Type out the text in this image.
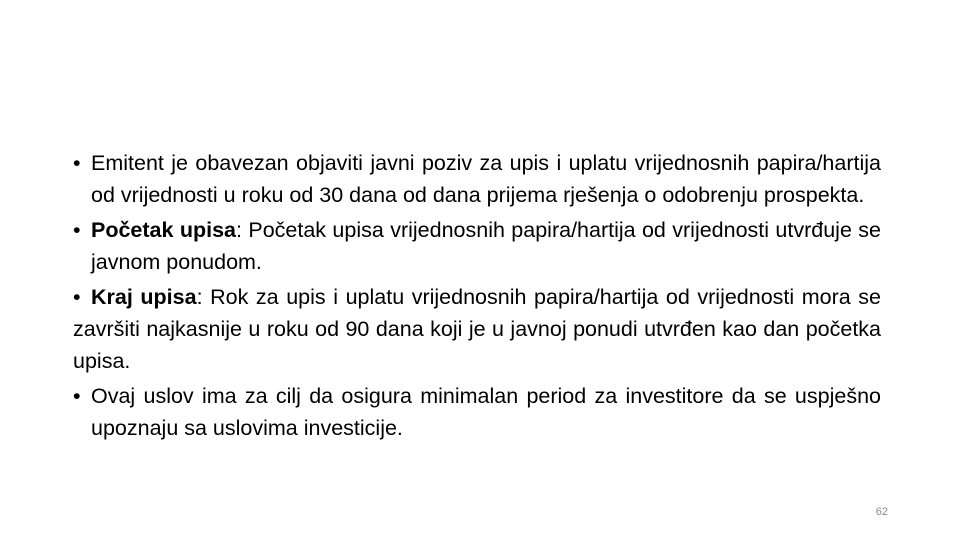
• Emitent je obavezan objaviti javni poziv za upis i uplatu vrijednosnih papira/hartija od vrijednosti u roku od 30 dana od dana prijema rješenja o odobrenju prospekta.

• Početak upisa: Početak upisa vrijednosnih papira/hartija od vrijednosti utvrđuje se javnom ponudom.

• Kraj upisa: Rok za upis i uplatu vrijednosnih papira/hartija od vrijednosti mora se završiti najkasnije u roku od 90 dana koji je u javnoj ponudi utvrđen kao dan početka upisa.

• Ovaj uslov ima za cilj da osigura minimalan period za investitore da se uspješno upoznaju sa uslovima investicije.

62
